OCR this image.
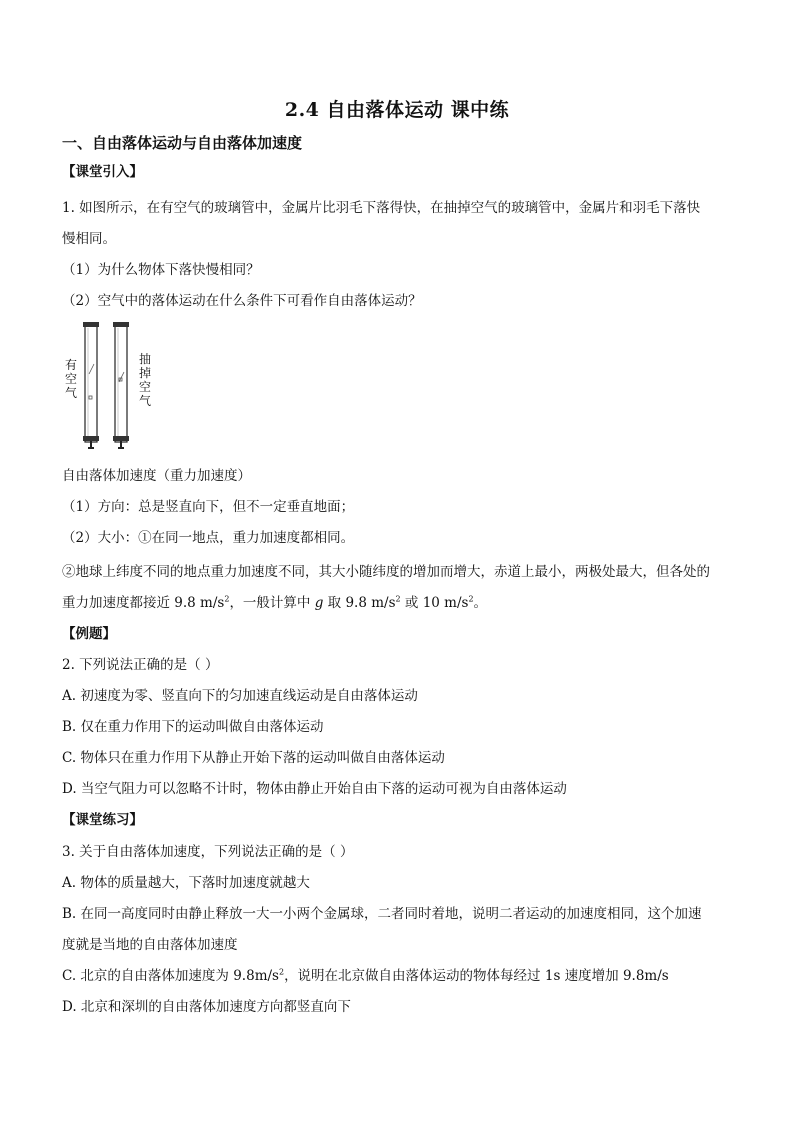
2.4 自由落体运动 课中练
一、自由落体运动与自由落体加速度
【课堂引入】
1. 如图所示，在有空气的玻璃管中，金属片比羽毛下落得快，在抽掉空气的玻璃管中，金属片和羽毛下落快
慢相同。
（1）为什么物体下落快慢相同？
（2）空气中的落体运动在什么条件下可看作自由落体运动？
有
空
气
抽
掉
空
气
自由落体加速度（重力加速度）
（1）方向：总是竖直向下，但不一定垂直地面；
（2）大小：①在同一地点，重力加速度都相同。
②地球上纬度不同的地点重力加速度不同，其大小随纬度的增加而增大，赤道上最小，两极处最大，但各处的
重力加速度都接近 9.8 $m/s^2$，一般计算中 g 取 9.8 $m/s^2$ 或 10 $m/s^2$。
【例题】
2. 下列说法正确的是（ ）
A. 初速度为零、竖直向下的匀加速直线运动是自由落体运动
B. 仅在重力作用下的运动叫做自由落体运动
C. 物体只在重力作用下从静止开始下落的运动叫做自由落体运动
D. 当空气阻力可以忽略不计时，物体由静止开始自由下落的运动可视为自由落体运动
【课堂练习】
3. 关于自由落体加速度，下列说法正确的是（ ）
A. 物体的质量越大，下落时加速度就越大
B. 在同一高度同时由静止释放一大一小两个金属球，二者同时着地，说明二者运动的加速度相同，这个加速
度就是当地的自由落体加速度
C. 北京的自由落体加速度为 $9.8m/s^2$，说明在北京做自由落体运动的物体每经过 1s 速度增加 9.8m/s
D. 北京和深圳的自由落体加速度方向都竖直向下
